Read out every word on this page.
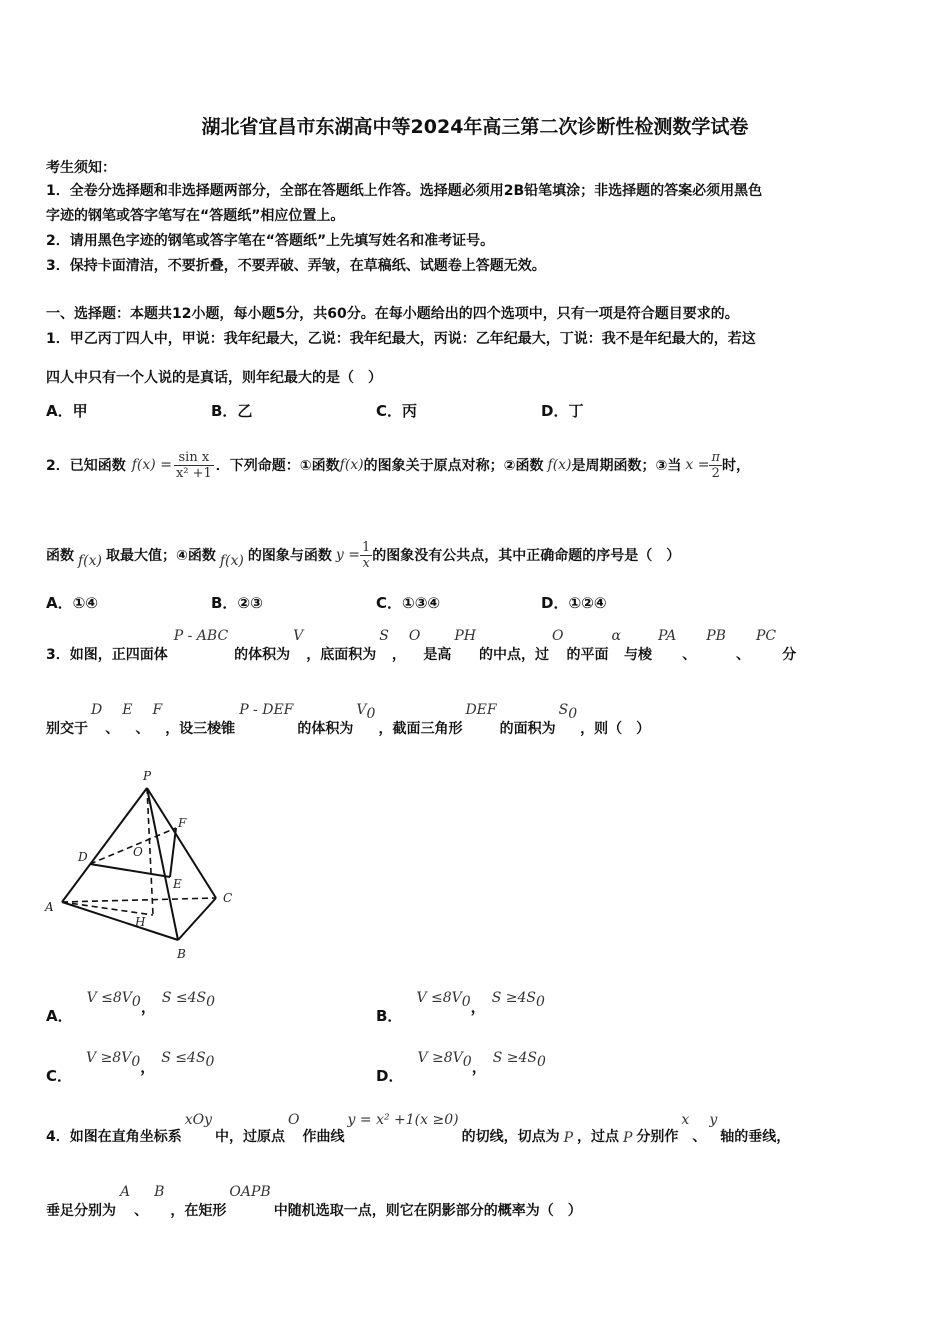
湖北省宜昌市东湖高中等2024年高三第二次诊断性检测数学试卷
考生须知：
1．全卷分选择题和非选择题两部分，全部在答题纸上作答。选择题必须用2B铅笔填涂；非选择题的答案必须用黑色
字迹的钢笔或答字笔写在“答题纸”相应位置上。
2．请用黑色字迹的钢笔或答字笔在“答题纸”上先填写姓名和准考证号。
3．保持卡面清洁，不要折叠，不要弄破、弄皱，在草稿纸、试题卷上答题无效。
一、选择题：本题共12小题，每小题5分，共60分。在每小题给出的四个选项中，只有一项是符合题目要求的。
1．甲乙丙丁四人中，甲说：我年纪最大，乙说：我年纪最大，丙说：乙年纪最大，丁说：我不是年纪最大的，若这
四人中只有一个人说的是真话，则年纪最大的是（　）
A．甲	B．乙	C．丙	D．丁
2．已知函数 $f(x) = \frac{\text{sin x}}{\text{x² +1}}$ ．下列命题：①函数 f(x) 的图象关于原点对称；②函数 f(x) 是周期函数；③当 $x = \frac{\pi}{2}$ 时，
函数 f(x) 取最大值；④函数 f(x) 的图象与函数 $y = \frac{1}{x}$ 的图象没有公共点，其中正确命题的序号是（　）
A．①④	B．②③	C．①③④	D．①②④
3．如图，正四面体
P - ABC
的体积为
V
，底面积为
S
，
O
是高
PH
的中点，过
O
的平面
α
与棱
PA
、
PB
、
PC
分
别交于
D
、
E
、
F
，设三棱锥
P - DEF
的体积为
$V_0$
，截面三角形
DEF
的面积为
$S_0$
，则（　）
P
F
D	O
E
A
C
H
B
A．
$V \le 8V_0$ ， $S \le 4S_0$
B．
$V \le 8V_0$ ， $S \ge 4S_0$
C．
$V \ge 8V_0$ ， $S \le 4S_0$
D．
$V \ge 8V_0$ ， $S \ge 4S_0$
4．如图在直角坐标系
xOy
中，过原点
O
作曲线
y = x² +1(x ≥0)
的切线，切点为 P ，过点 P 分别作
x
、
y
轴的垂线，
垂足分别为
A
、
B
，在矩形
OAPB
中随机选取一点，则它在阴影部分的概率为（　）
